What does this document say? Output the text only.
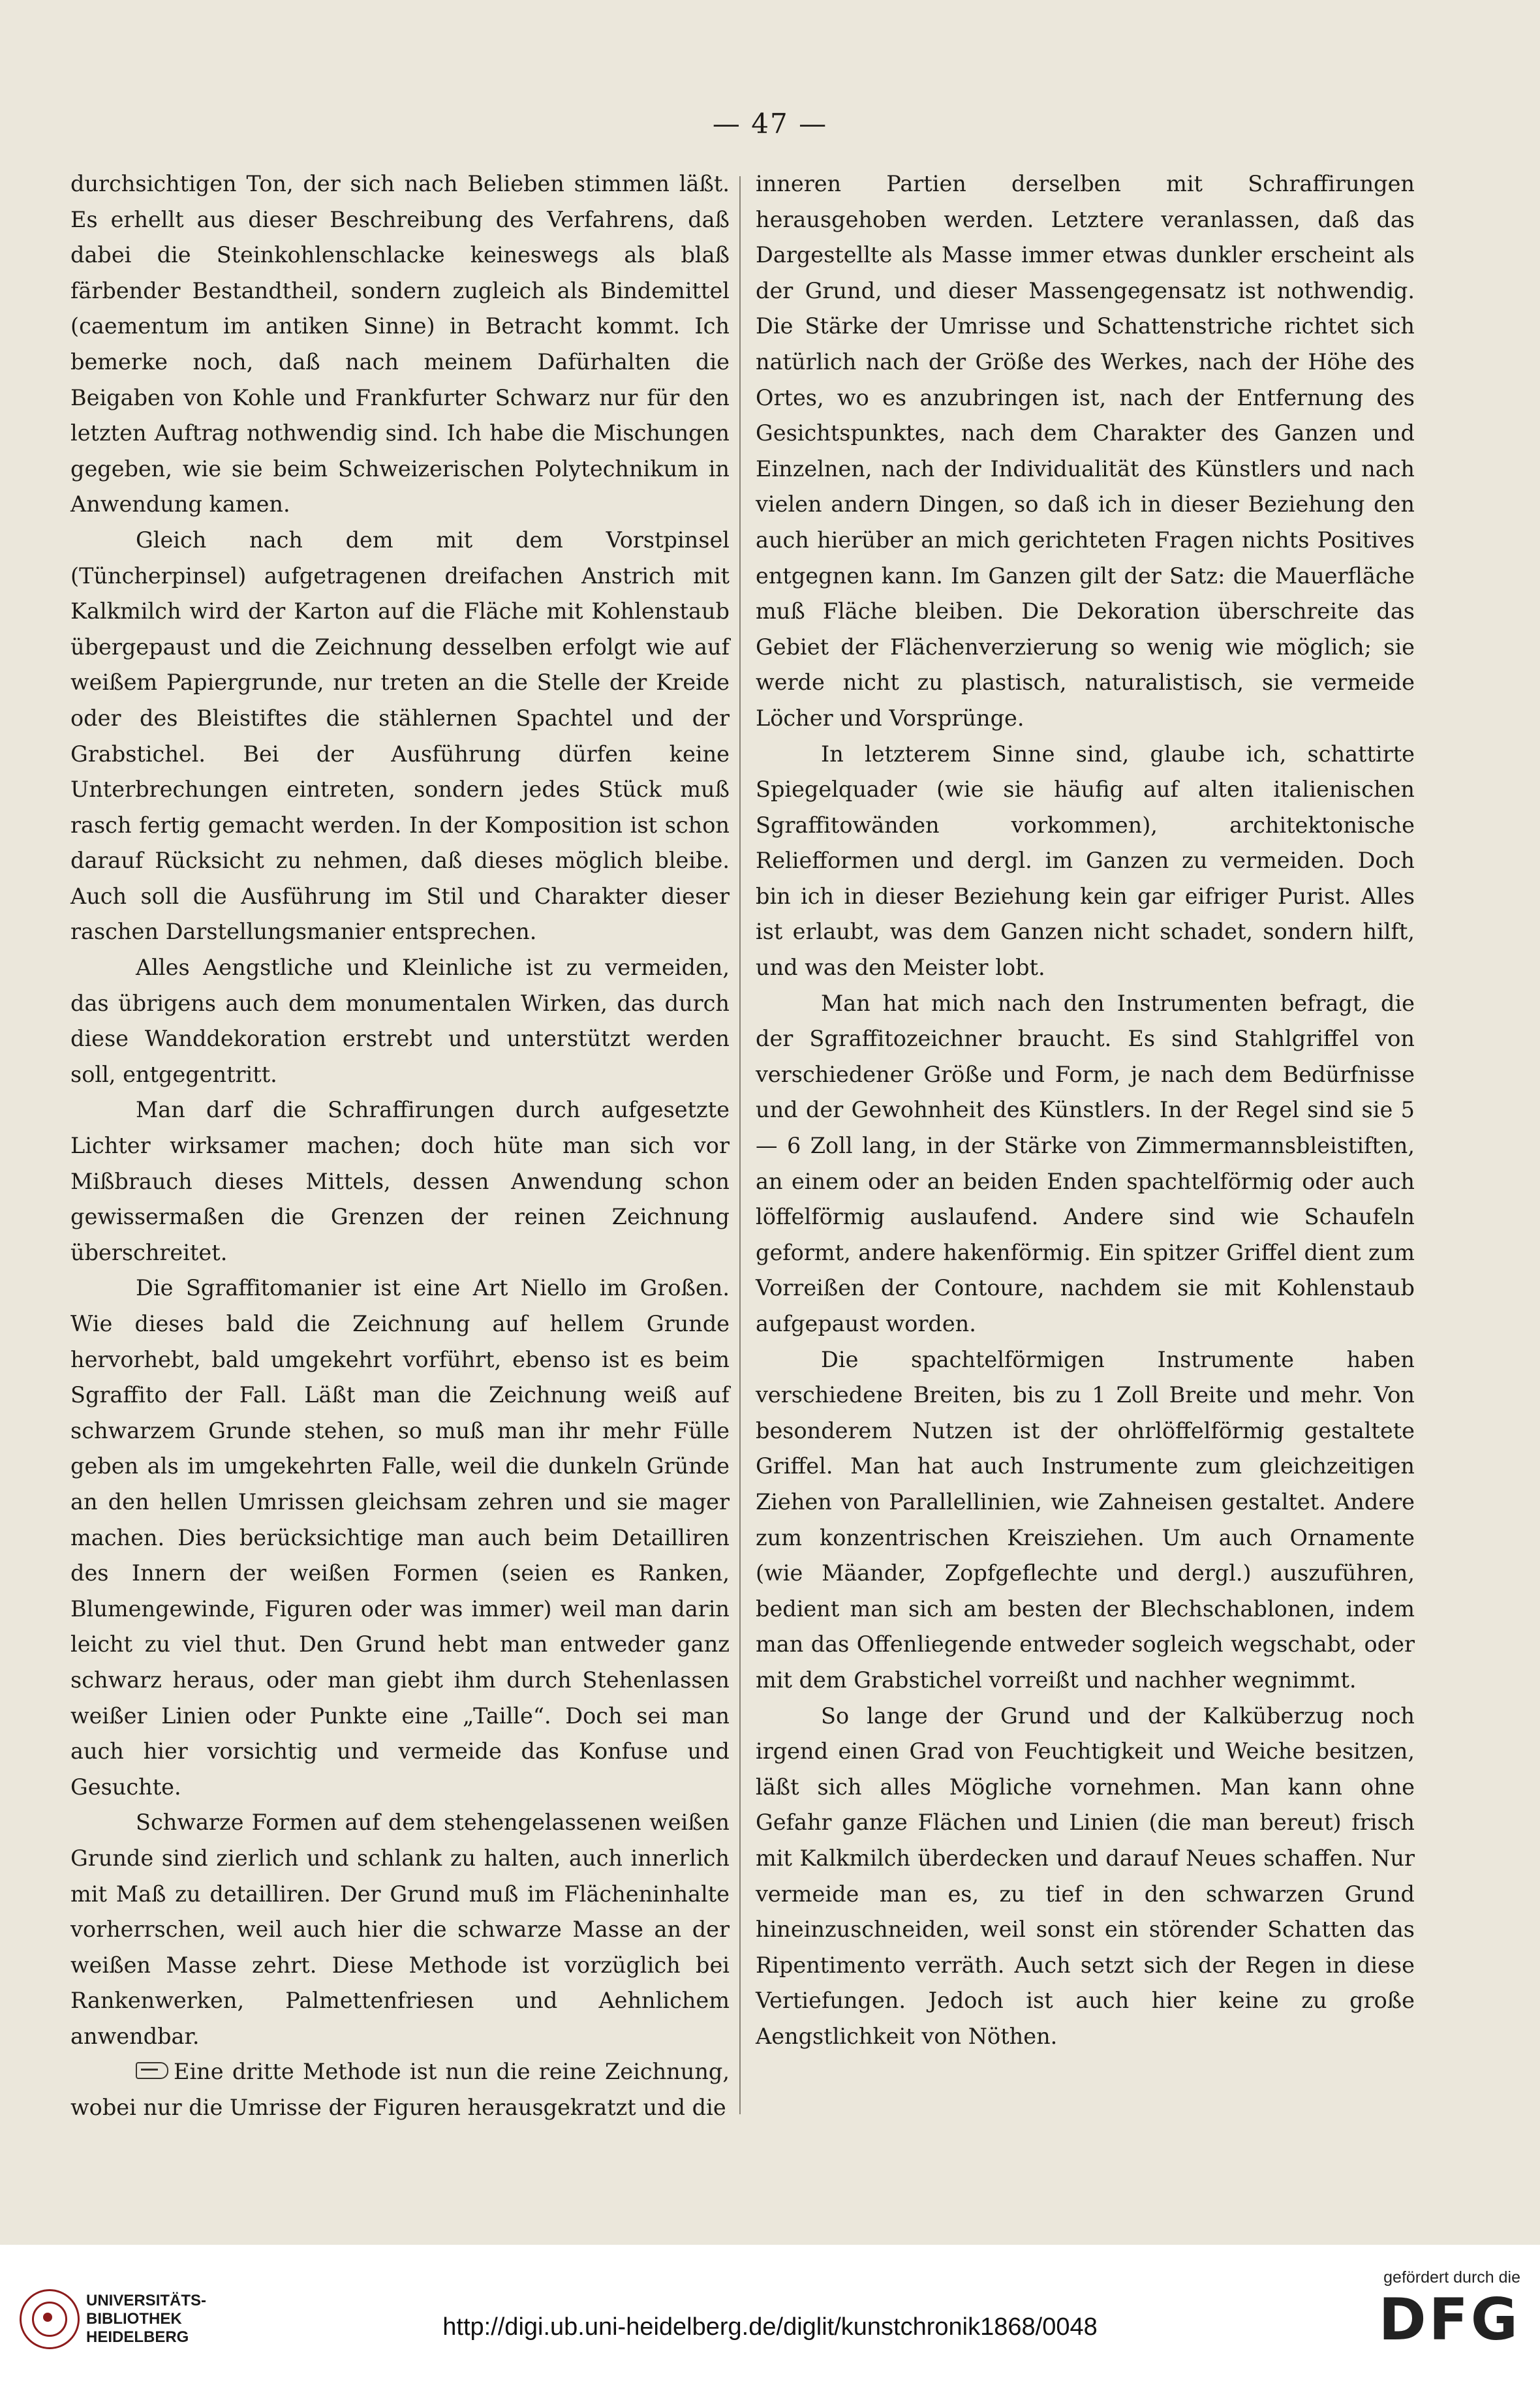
— 47 —

durchsichtigen Ton, der sich nach Belieben stimmen läßt. Es erhellt aus dieser Beschreibung des Verfahrens, daß dabei die Steinkohlenschlacke keineswegs als blaß färbender Bestandtheil, sondern zugleich als Bindemittel (caementum im antiken Sinne) in Betracht kommt. Ich bemerke noch, daß nach meinem Dafürhalten die Beigaben von Kohle und Frankfurter Schwarz nur für den letzten Auftrag nothwendig sind. Ich habe die Mischungen gegeben, wie sie beim Schweizerischen Polytechnikum in Anwendung kamen.

Gleich nach dem mit dem Vorstpinsel (Tüncherpinsel) aufgetragenen dreifachen Anstrich mit Kalkmilch wird der Karton auf die Fläche mit Kohlenstaub übergepaust und die Zeichnung desselben erfolgt wie auf weißem Papiergrunde, nur treten an die Stelle der Kreide oder des Bleistiftes die stählernen Spachtel und der Grabstichel. Bei der Ausführung dürfen keine Unterbrechungen eintreten, sondern jedes Stück muß rasch fertig gemacht werden. In der Komposition ist schon darauf Rücksicht zu nehmen, daß dieses möglich bleibe. Auch soll die Ausführung im Stil und Charakter dieser raschen Darstellungsmanier entsprechen.

Alles Aengstliche und Kleinliche ist zu vermeiden, das übrigens auch dem monumentalen Wirken, das durch diese Wanddekoration erstrebt und unterstützt werden soll, entgegentritt.

Man darf die Schraffirungen durch aufgesetzte Lichter wirksamer machen; doch hüte man sich vor Mißbrauch dieses Mittels, dessen Anwendung schon gewissermaßen die Grenzen der reinen Zeichnung überschreitet.

Die Sgraffitomanier ist eine Art Niello im Großen. Wie dieses bald die Zeichnung auf hellem Grunde hervorhebt, bald umgekehrt vorführt, ebenso ist es beim Sgraffito der Fall. Läßt man die Zeichnung weiß auf schwarzem Grunde stehen, so muß man ihr mehr Fülle geben als im umgekehrten Falle, weil die dunkeln Gründe an den hellen Umrissen gleichsam zehren und sie mager machen. Dies berücksichtige man auch beim Detailliren des Innern der weißen Formen (seien es Ranken, Blumengewinde, Figuren oder was immer) weil man darin leicht zu viel thut. Den Grund hebt man entweder ganz schwarz heraus, oder man giebt ihm durch Stehenlassen weißer Linien oder Punkte eine „Taille“. Doch sei man auch hier vorsichtig und vermeide das Konfuse und Gesuchte.

Schwarze Formen auf dem stehengelassenen weißen Grunde sind zierlich und schlank zu halten, auch innerlich mit Maß zu detailliren. Der Grund muß im Flächeninhalte vorherrschen, weil auch hier die schwarze Masse an der weißen Masse zehrt. Diese Methode ist vorzüglich bei Rankenwerken, Palmettenfriesen und Aehnlichem anwendbar.

Eine dritte Methode ist nun die reine Zeichnung, wobei nur die Umrisse der Figuren herausgekratzt und die

inneren Partien derselben mit Schraffirungen herausgehoben werden. Letztere veranlassen, daß das Dargestellte als Masse immer etwas dunkler erscheint als der Grund, und dieser Massengegensatz ist nothwendig. Die Stärke der Umrisse und Schattenstriche richtet sich natürlich nach der Größe des Werkes, nach der Höhe des Ortes, wo es anzubringen ist, nach der Entfernung des Gesichtspunktes, nach dem Charakter des Ganzen und Einzelnen, nach der Individualität des Künstlers und nach vielen andern Dingen, so daß ich in dieser Beziehung den auch hierüber an mich gerichteten Fragen nichts Positives entgegnen kann. Im Ganzen gilt der Satz: die Mauerfläche muß Fläche bleiben. Die Dekoration überschreite das Gebiet der Flächenverzierung so wenig wie möglich; sie werde nicht zu plastisch, naturalistisch, sie vermeide Löcher und Vorsprünge.

In letzterem Sinne sind, glaube ich, schattirte Spiegelquader (wie sie häufig auf alten italienischen Sgraffitowänden vorkommen), architektonische Reliefformen und dergl. im Ganzen zu vermeiden. Doch bin ich in dieser Beziehung kein gar eifriger Purist. Alles ist erlaubt, was dem Ganzen nicht schadet, sondern hilft, und was den Meister lobt.

Man hat mich nach den Instrumenten befragt, die der Sgraffitozeichner braucht. Es sind Stahlgriffel von verschiedener Größe und Form, je nach dem Bedürfnisse und der Gewohnheit des Künstlers. In der Regel sind sie 5 — 6 Zoll lang, in der Stärke von Zimmermannsbleistiften, an einem oder an beiden Enden spachtelförmig oder auch löffelförmig auslaufend. Andere sind wie Schaufeln geformt, andere hakenförmig. Ein spitzer Griffel dient zum Vorreißen der Contoure, nachdem sie mit Kohlenstaub aufgepaust worden.

Die spachtelförmigen Instrumente haben verschiedene Breiten, bis zu 1 Zoll Breite und mehr. Von besonderem Nutzen ist der ohrlöffelförmig gestaltete Griffel. Man hat auch Instrumente zum gleichzeitigen Ziehen von Parallellinien, wie Zahneisen gestaltet. Andere zum konzentrischen Kreisziehen. Um auch Ornamente (wie Mäander, Zopfgeflechte und dergl.) auszuführen, bedient man sich am besten der Blechschablonen, indem man das Offenliegende entweder sogleich wegschabt, oder mit dem Grabstichel vorreißt und nachher wegnimmt.

So lange der Grund und der Kalküberzug noch irgend einen Grad von Feuchtigkeit und Weiche besitzen, läßt sich alles Mögliche vornehmen. Man kann ohne Gefahr ganze Flächen und Linien (die man bereut) frisch mit Kalkmilch überdecken und darauf Neues schaffen. Nur vermeide man es, zu tief in den schwarzen Grund hineinzuschneiden, weil sonst ein störender Schatten das Ripentimento verräth. Auch setzt sich der Regen in diese Vertiefungen. Jedoch ist auch hier keine zu große Aengstlichkeit von Nöthen.

UNIVERSITÄTS-
BIBLIOTHEK
HEIDELBERG	http://digi.ub.uni-heidelberg.de/diglit/kunstchronik1868/0048
gefördert durch die
DFG
